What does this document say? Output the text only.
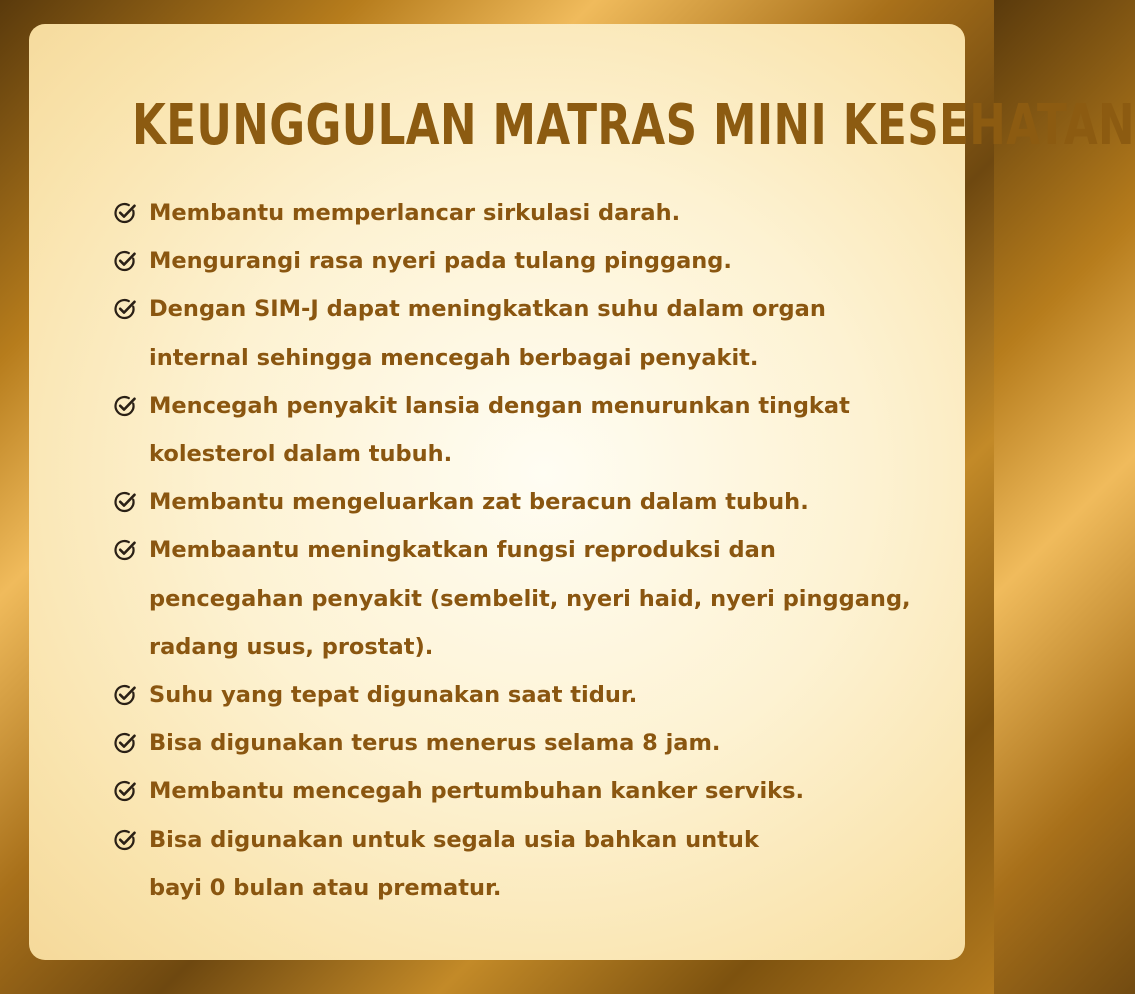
KEUNGGULAN MATRAS MINI KESEHATAN
Membantu memperlancar sirkulasi darah.
Mengurangi rasa nyeri pada tulang pinggang.
Dengan SIM-J dapat meningkatkan suhu dalam organ
internal sehingga mencegah berbagai penyakit.
Mencegah penyakit lansia dengan menurunkan tingkat
kolesterol dalam tubuh.
Membantu mengeluarkan zat beracun dalam tubuh.
Membaantu meningkatkan fungsi reproduksi dan
pencegahan penyakit (sembelit, nyeri haid, nyeri pinggang,
radang usus, prostat).
Suhu yang tepat digunakan saat tidur.
Bisa digunakan terus menerus selama 8 jam.
Membantu mencegah pertumbuhan kanker serviks.
Bisa digunakan untuk segala usia bahkan untuk
bayi 0 bulan atau prematur.
